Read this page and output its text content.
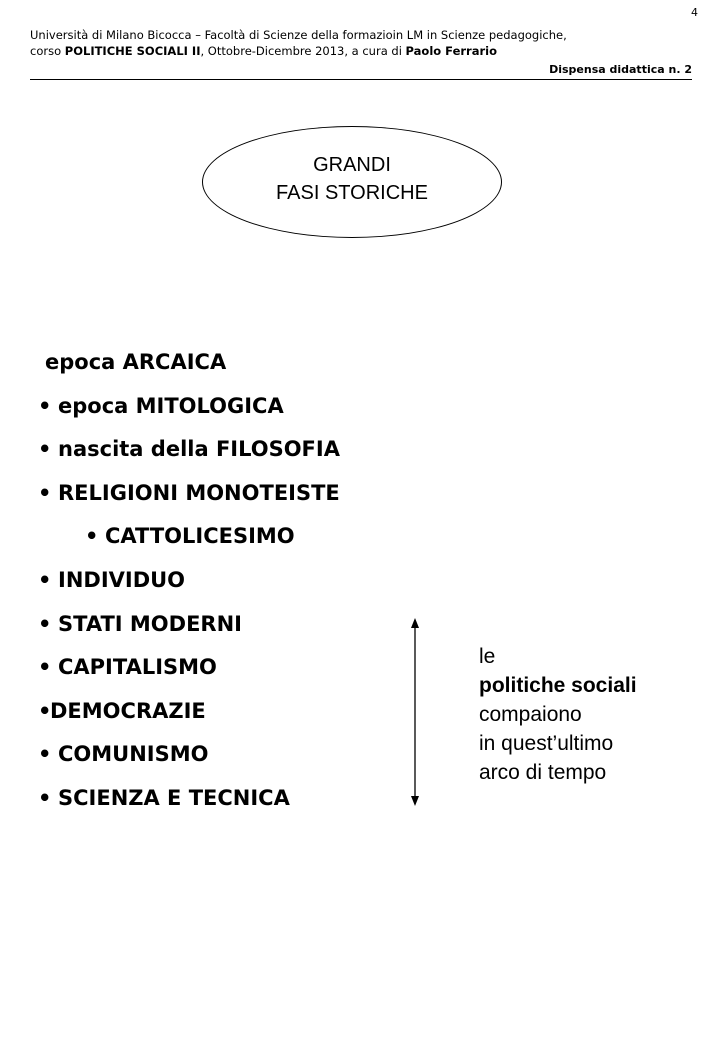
4
Università di Milano Bicocca – Facoltà di Scienze della formazioin LM in Scienze pedagogiche,
corso POLITICHE SOCIALI II, Ottobre-Dicembre 2013, a cura di Paolo Ferrario
Dispensa didattica n. 2
GRANDI
FASI STORICHE
epoca ARCAICA
• epoca MITOLOGICA
• nascita della FILOSOFIA
• RELIGIONI MONOTEISTE
• CATTOLICESIMO
• INDIVIDUO
• STATI MODERNI
• CAPITALISMO
•DEMOCRAZIE
• COMUNISMO
• SCIENZA E TECNICA
le
politiche sociali
compaiono
in quest’ultimo
arco di tempo
